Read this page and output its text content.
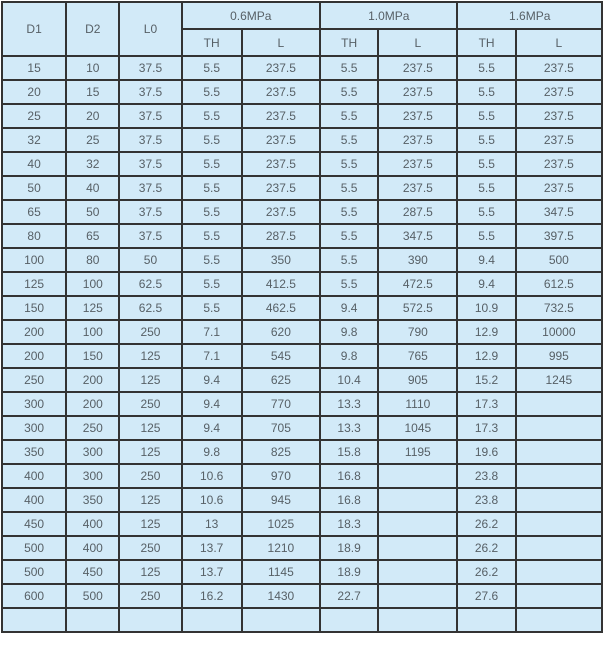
D1	D2	L0	0.6MPa		1.0MPa		1.6MPa	
			TH	L	TH	L	TH	L
15	10	37.5	5.5	237.5	5.5	237.5	5.5	237.5
20	15	37.5	5.5	237.5	5.5	237.5	5.5	237.5
25	20	37.5	5.5	237.5	5.5	237.5	5.5	237.5
32	25	37.5	5.5	237.5	5.5	237.5	5.5	237.5
40	32	37.5	5.5	237.5	5.5	237.5	5.5	237.5
50	40	37.5	5.5	237.5	5.5	237.5	5.5	237.5
65	50	37.5	5.5	237.5	5.5	287.5	5.5	347.5
80	65	37.5	5.5	287.5	5.5	347.5	5.5	397.5
100	80	50	5.5	350	5.5	390	9.4	500
125	100	62.5	5.5	412.5	5.5	472.5	9.4	612.5
150	125	62.5	5.5	462.5	9.4	572.5	10.9	732.5
200	100	250	7.1	620	9.8	790	12.9	10000
200	150	125	7.1	545	9.8	765	12.9	995
250	200	125	9.4	625	10.4	905	15.2	1245
300	200	250	9.4	770	13.3	1110	17.3	
300	250	125	9.4	705	13.3	1045	17.3	
350	300	125	9.8	825	15.8	1195	19.6	
400	300	250	10.6	970	16.8		23.8	
400	350	125	10.6	945	16.8		23.8	
450	400	125	13	1025	18.3		26.2	
500	400	250	13.7	1210	18.9		26.2	
500	450	125	13.7	1145	18.9		26.2	
600	500	250	16.2	1430	22.7		27.6	
